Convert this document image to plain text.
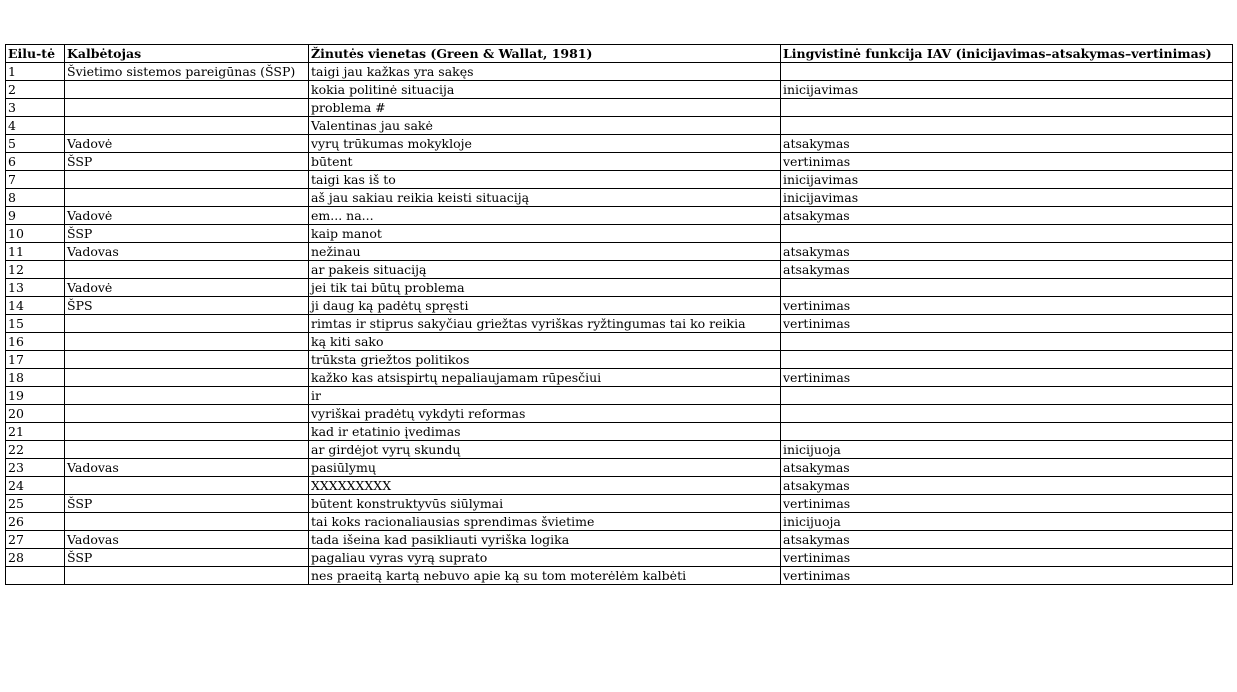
Eilu-tė	Kalbėtojas	Žinutės vienetas (Green & Wallat, 1981)	Lingvistinė funkcija IAV (inicijavimas–atsakymas–vertinimas)
1	Švietimo sistemos pareigūnas (ŠSP)	taigi jau kažkas yra sakęs	
2		kokia politinė situacija	inicijavimas
3		problema #	
4		Valentinas jau sakė	
5	Vadovė	vyrų trūkumas mokykloje	atsakymas
6	ŠSP	būtent	vertinimas
7		taigi kas iš to	inicijavimas
8		aš jau sakiau reikia keisti situaciją	inicijavimas
9	Vadovė	em... na...	atsakymas
10	ŠSP	kaip manot	
11	Vadovas	nežinau	atsakymas
12		ar pakeis situaciją	atsakymas
13	Vadovė	jei tik tai būtų problema	
14	ŠPS	ji daug ką padėtų spręsti	vertinimas
15		rimtas ir stiprus sakyčiau griežtas vyriškas ryžtingumas tai ko reikia	vertinimas
16		ką kiti sako	
17		trūksta griežtos politikos	
18		kažko kas atsispirtų nepaliaujamam rūpesčiui	vertinimas
19		ir	
20		vyriškai pradėtų vykdyti reformas	
21		kad ir etatinio įvedimas	
22		ar girdėjot vyrų skundų	inicijuoja
23	Vadovas	pasiūlymų	atsakymas
24		XXXXXXXXX	atsakymas
25	ŠSP	būtent konstruktyvūs siūlymai	vertinimas
26		tai koks racionaliausias sprendimas švietime	inicijuoja
27	Vadovas	tada išeina kad pasikliauti vyriška logika	atsakymas
28	ŠSP	pagaliau vyras vyrą suprato	vertinimas
		nes praeitą kartą nebuvo apie ką su tom moterėlėm kalbėti	vertinimas
